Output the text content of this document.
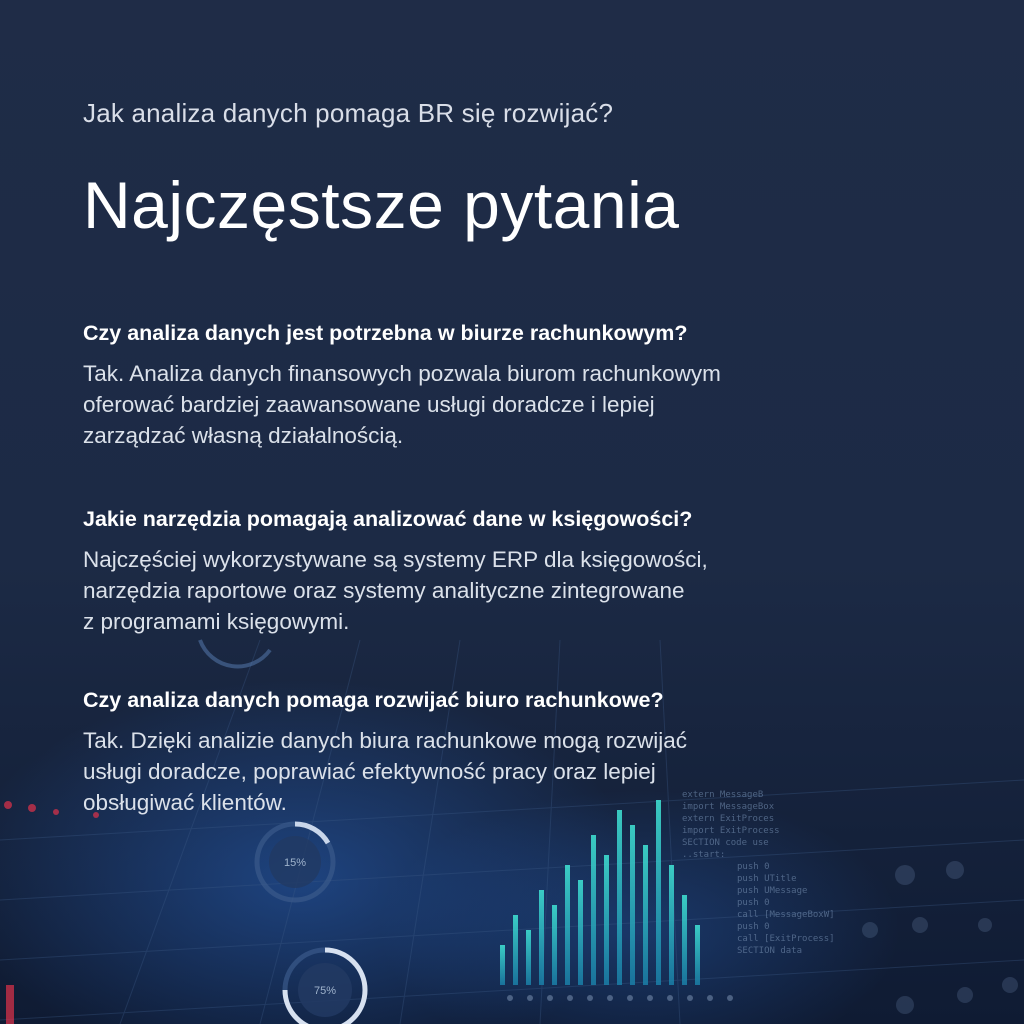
15%
75%
extern MessageB
import MessageBox
extern ExitProces
import ExitProcess
SECTION code use
..start:
push 0
push UTitle
push UMessage
push 0
call [MessageBoxW]
push 0
call [ExitProcess]
SECTION data
Jak analiza danych pomaga BR się rozwijać?
Najczęstsze pytania

Czy analiza danych jest potrzebna w biurze rachunkowym?

Tak. Analiza danych finansowych pozwala biurom rachunkowym
oferować bardziej zaawansowane usługi doradcze i lepiej
zarządzać własną działalnością.

Jakie narzędzia pomagają analizować dane w księgowości?

Najczęściej wykorzystywane są systemy ERP dla księgowości,
narzędzia raportowe oraz systemy analityczne zintegrowane
z programami księgowymi.

Czy analiza danych pomaga rozwijać biuro rachunkowe?

Tak. Dzięki analizie danych biura rachunkowe mogą rozwijać
usługi doradcze, poprawiać efektywność pracy oraz lepiej
obsługiwać klientów.
